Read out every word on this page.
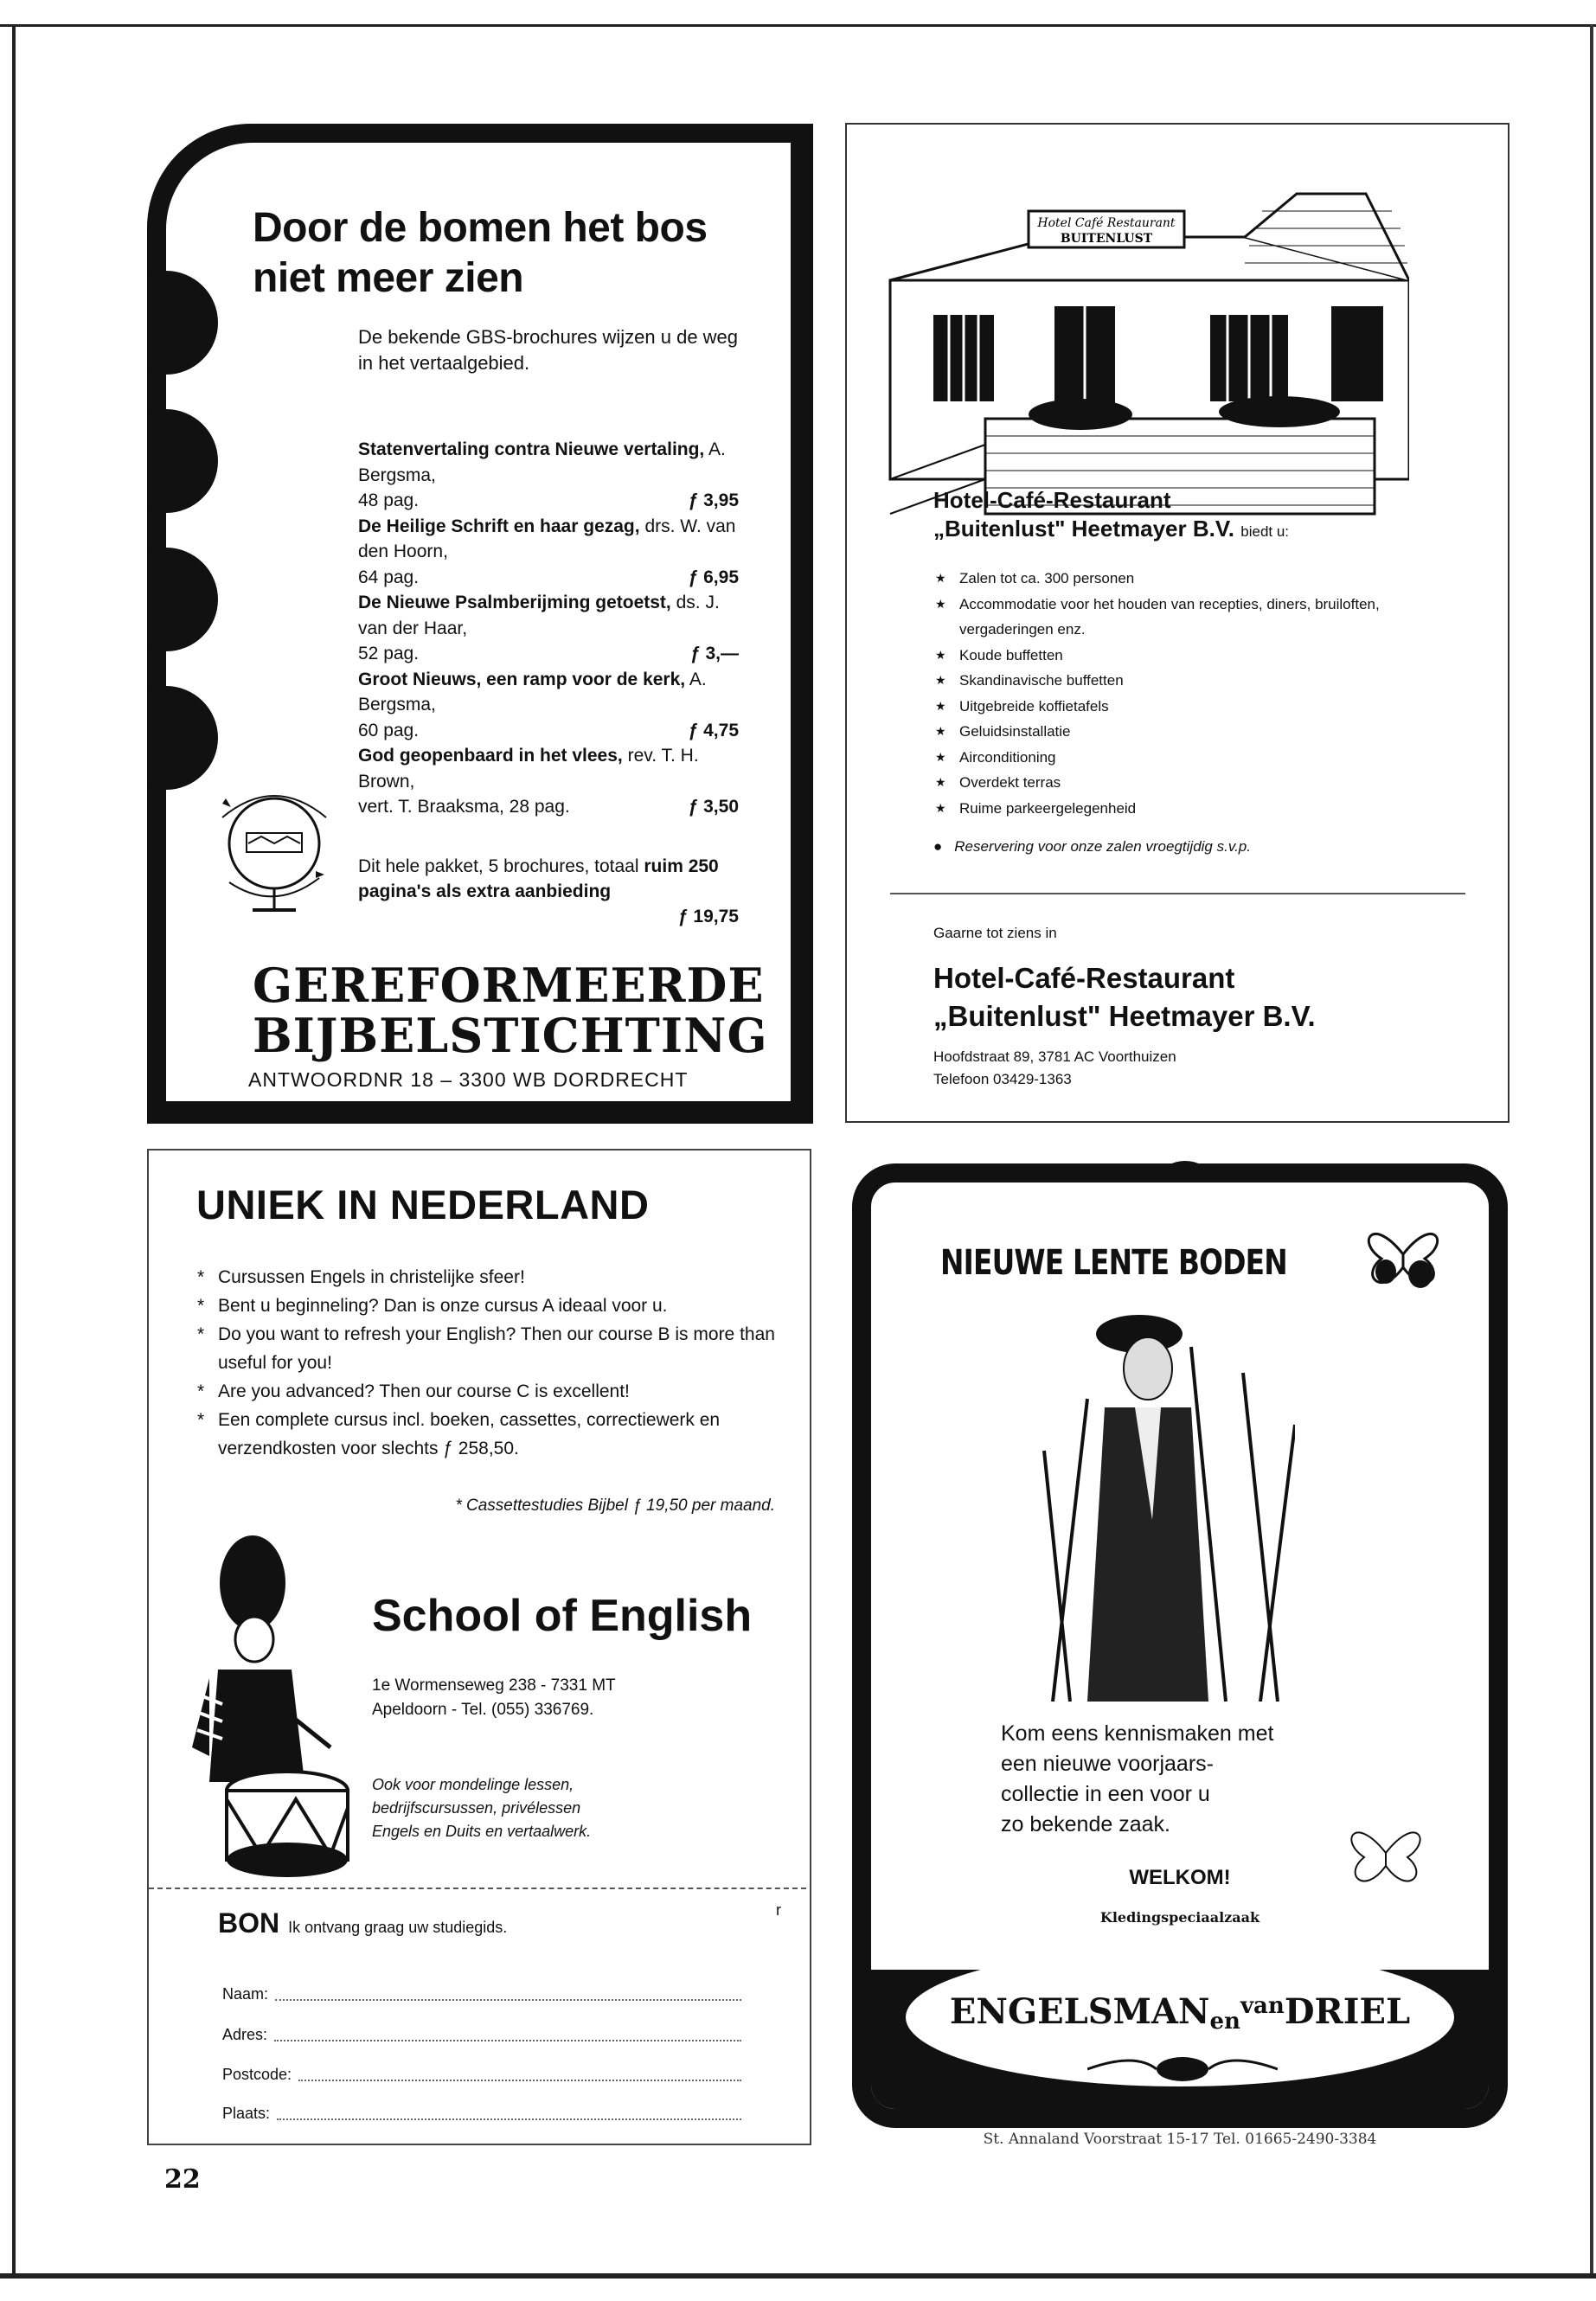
Door de bomen het bos niet meer zien
De bekende GBS-brochures wijzen u de weg in het vertaalgebied.
Statenvertaling contra Nieuwe vertaling, A. Bergsma,
48 pag.	ƒ 3,95
De Heilige Schrift en haar gezag, drs. W. van den Hoorn,
64 pag.	ƒ 6,95
De Nieuwe Psalmberijming getoetst, ds. J. van der Haar,
52 pag.	ƒ 3,—
Groot Nieuws, een ramp voor de kerk, A. Bergsma,
60 pag.	ƒ 4,75
God geopenbaard in het vlees, rev. T. H. Brown,
vert. T. Braaksma, 28 pag.	ƒ 3,50
Dit hele pakket, 5 brochures, totaal ruim 250 pagina's als extra aanbieding
ƒ 19,75
GEREFORMEERDE
BIJBELSTICHTING
ANTWOORDNR 18 – 3300 WB DORDRECHT
Hotel Café Restaurant
BUITENLUST
Hotel-Café-Restaurant
„Buitenlust" Heetmayer B.V. biedt u:
★ Zalen tot ca. 300 personen
★ Accommodatie voor het houden van recepties, diners, bruiloften, vergaderingen enz.
★ Koude buffetten
★ Skandinavische buffetten
★ Uitgebreide koffietafels
★ Geluidsinstallatie
★ Airconditioning
★ Overdekt terras
★ Ruime parkeergelegenheid
● Reservering voor onze zalen vroegtijdig s.v.p.
Gaarne tot ziens in
Hotel-Café-Restaurant
„Buitenlust" Heetmayer B.V.
Hoofdstraat 89, 3781 AC Voorthuizen
Telefoon 03429-1363
UNIEK IN NEDERLAND
* Cursussen Engels in christelijke sfeer!
* Bent u beginneling? Dan is onze cursus A ideaal voor u.
* Do you want to refresh your English? Then our course B is more than useful for you!
* Are you advanced? Then our course C is excellent!
* Een complete cursus incl. boeken, cassettes, correctiewerk en verzendkosten voor slechts ƒ 258,50.
* Cassettestudies Bijbel ƒ 19,50 per maand.
School of English
1e Wormenseweg 238 - 7331 MT
Apeldoorn - Tel. (055) 336769.
Ook voor mondelinge lessen,
bedrijfscursussen, privélessen
Engels en Duits en vertaalwerk.
BON Ik ontvang graag uw studiegids.
r
Naam:
Adres:
Postcode:
Plaats:
NIEUWE LENTE BODEN
Kom eens kennismaken met
een nieuwe voorjaars-
collectie in een voor u
zo bekende zaak.
WELKOM!
Kledingspeciaalzaak
ENGELSMANen$^{van}$DRIEL
St. Annaland Voorstraat 15-17 Tel. 01665-2490-3384
22
